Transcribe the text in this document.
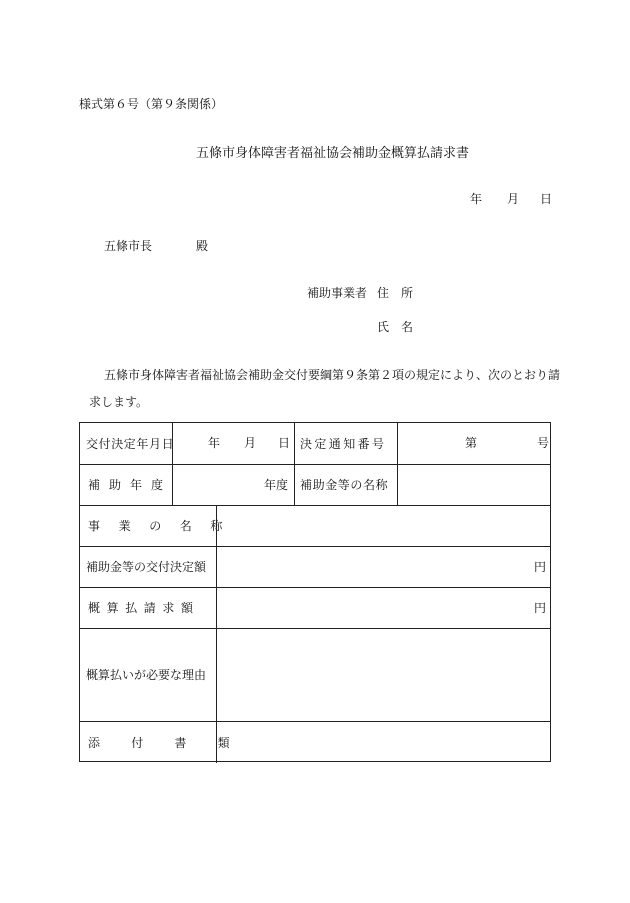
様式第６号（第９条関係）
五條市身体障害者福祉協会補助金概算払請求書
年 月 日
五條市長	殿
補助事業者 住　所
氏　名
五條市身体障害者福祉協会補助金交付要綱第９条第２項の規定により、次のとおり請
求します。
交付決定年月日	年 月 日 決定通知番号	第	号
補助年度	年度 補助金等の名称
事業の名称
補助金等の交付決定額	円
概算払請求額	円
概算払いが必要な理由
添付書類
